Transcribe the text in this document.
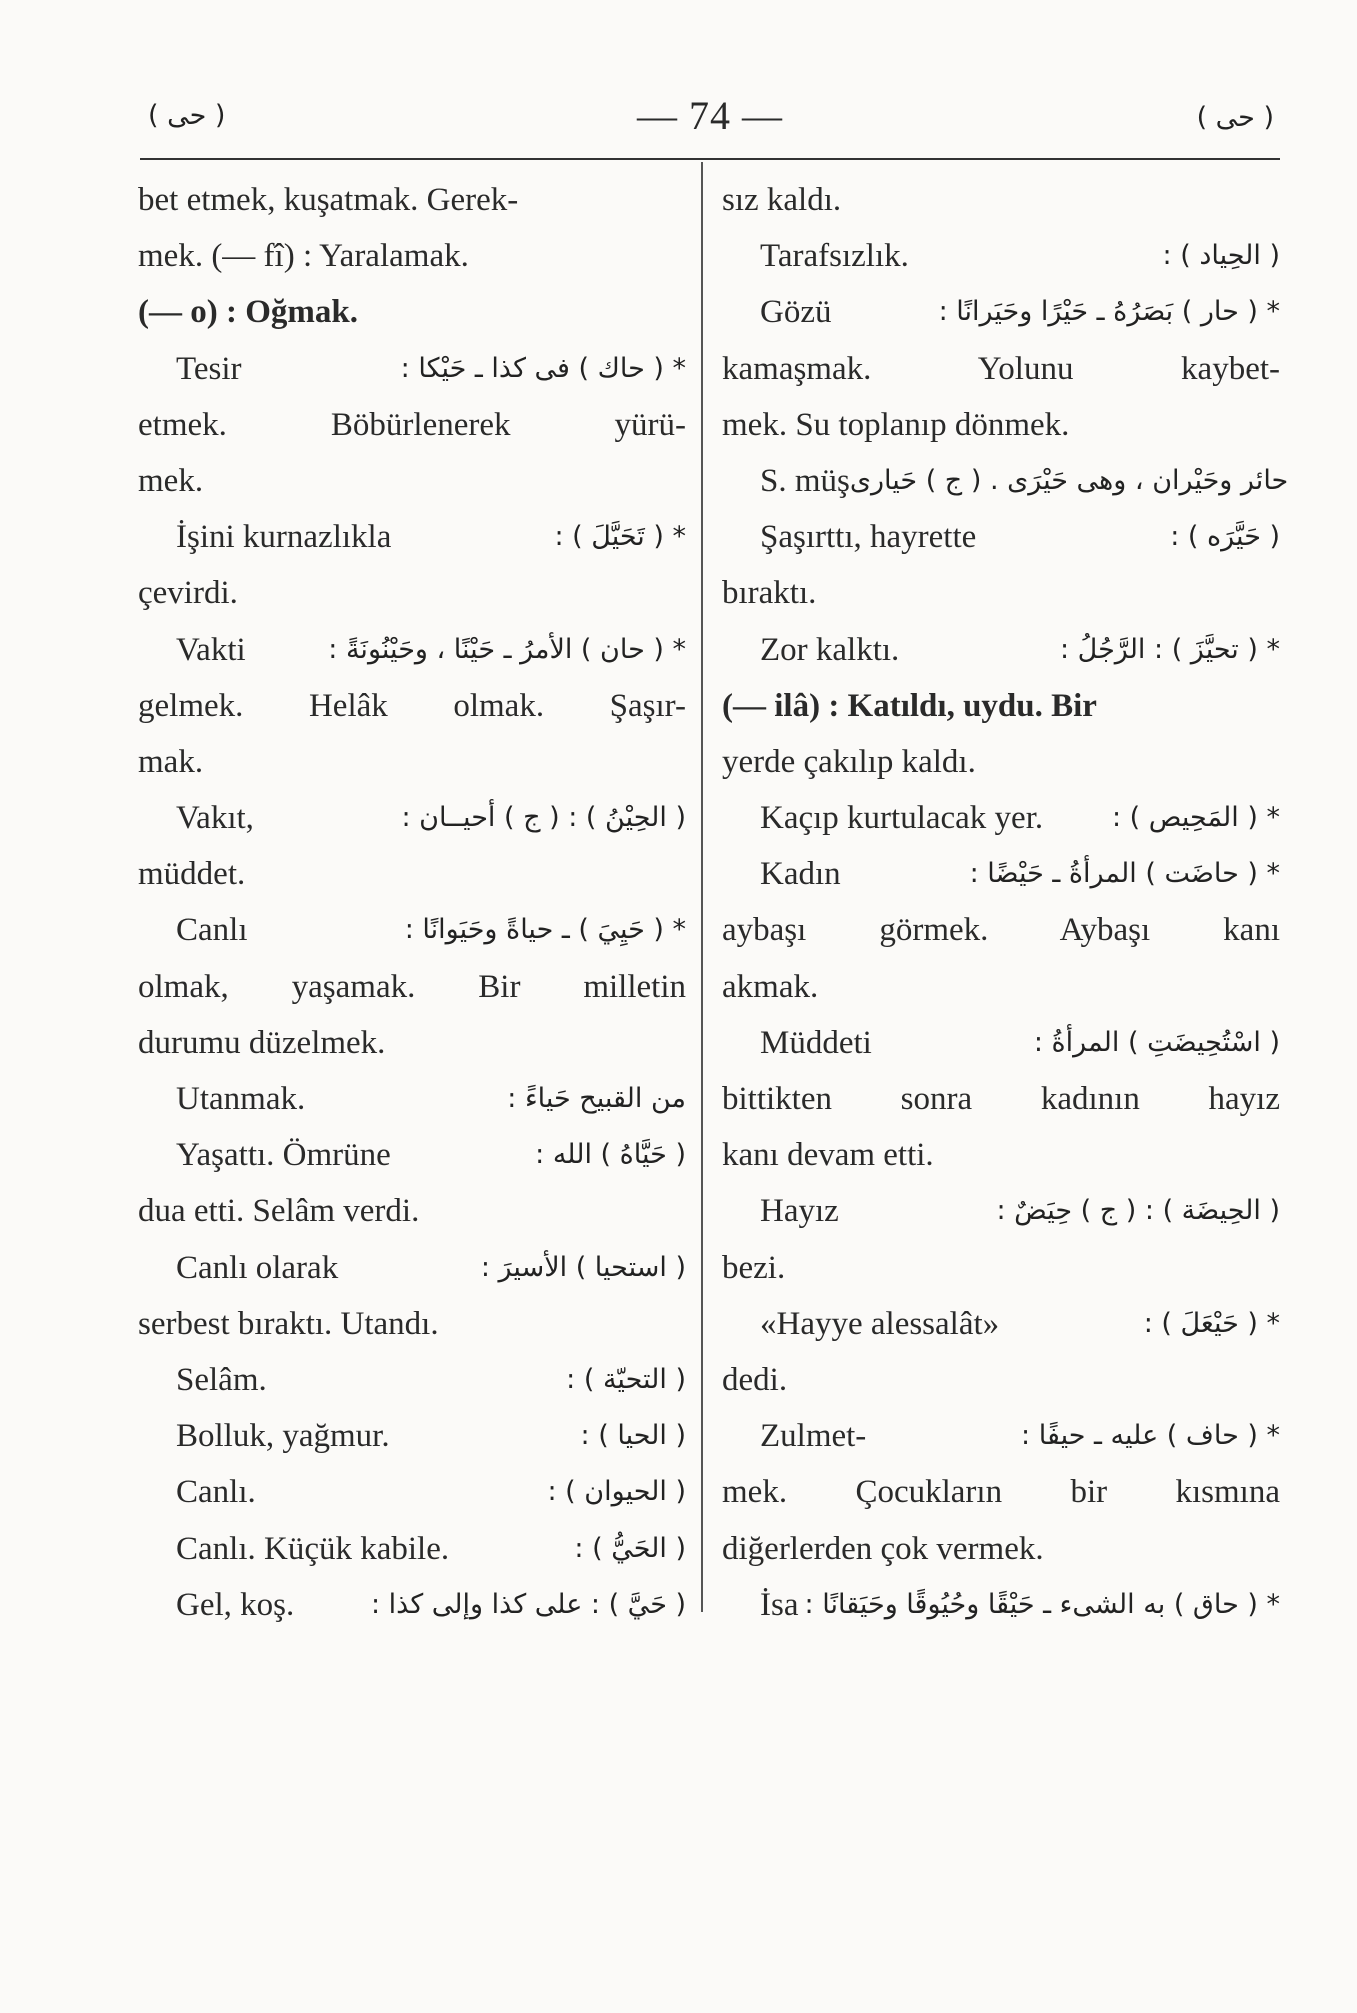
( حى )	— 74 —	( حى )
bet etmek, kuşatmak. Gerek-
mek. (— fî) : Yaralamak.
(— o) : Oğmak.
Tesir	* ( حاك ) فى كذا ـ حَيْكا :
etmek. Böbürlenerek yürü-
mek.
İşini kurnazlıkla	* ( تَحَيَّلَ ) :
çevirdi.
Vakti	* ( حان ) الأمرُ ـ حَيْنًا ، وحَيْنُونَةً :
gelmek. Helâk olmak. Şaşır-
mak.
Vakıt,	( الحِيْنُ ) : ( ج ) أحيــان :
müddet.
Canlı	* ( حَيِيَ ) ـ حياةً وحَيَوانًا :
olmak, yaşamak. Bir milletin
durumu düzelmek.
Utanmak.	من القبيح حَياءً :
Yaşattı. Ömrüne	( حَيَّاهُ ) الله :
dua etti. Selâm verdi.
Canlı olarak	( استحيا ) الأسيرَ :
serbest bıraktı. Utandı.
Selâm.	( التحيّة ) :
Bolluk, yağmur.	( الحيا ) :
Canlı.	( الحيوان ) :
Canlı. Küçük kabile.	( الحَيُّ ) :
Gel, koş.	( حَيَّ ) : على كذا وإلى كذا :
sız kaldı.
Tarafsızlık.	( الحِياد ) :
Gözü	* ( حار ) بَصَرُهُ ـ حَيْرًا وحَيَرانًا :
kamaşmak. Yolunu kaybet-
mek. Su toplanıp dönmek.
S. müş حائر وحَيْران ، وهى حَيْرَى . ( ج ) حَيارى
Şaşırttı, hayrette	( حَيَّرَه ) :
bıraktı.
Zor kalktı.	* ( تحيَّزَ ) : الرَّجُلُ :
(— ilâ) : Katıldı, uydu. Bir
yerde çakılıp kaldı.
Kaçıp kurtulacak yer.	* ( المَحِيص ) :
Kadın	* ( حاضَت ) المرأةُ ـ حَيْضًا :
aybaşı görmek. Aybaşı kanı
akmak.
Müddeti	( اسْتُحِيضَتِ ) المرأةُ :
bittikten sonra kadının hayız
kanı devam etti.
Hayız	( الحِيضَة ) : ( ج ) حِيَضٌ :
bezi.
«Hayye alessalât»	* ( حَيْعَلَ ) :
dedi.
Zulmet-	* ( حاف ) عليه ـ حيفًا :
mek. Çocukların bir kısmına
diğerlerden çok vermek.
İsa * ( حاق ) به الشىء ـ حَيْقًا وحُيُوقًا وحَيَقانًا :
